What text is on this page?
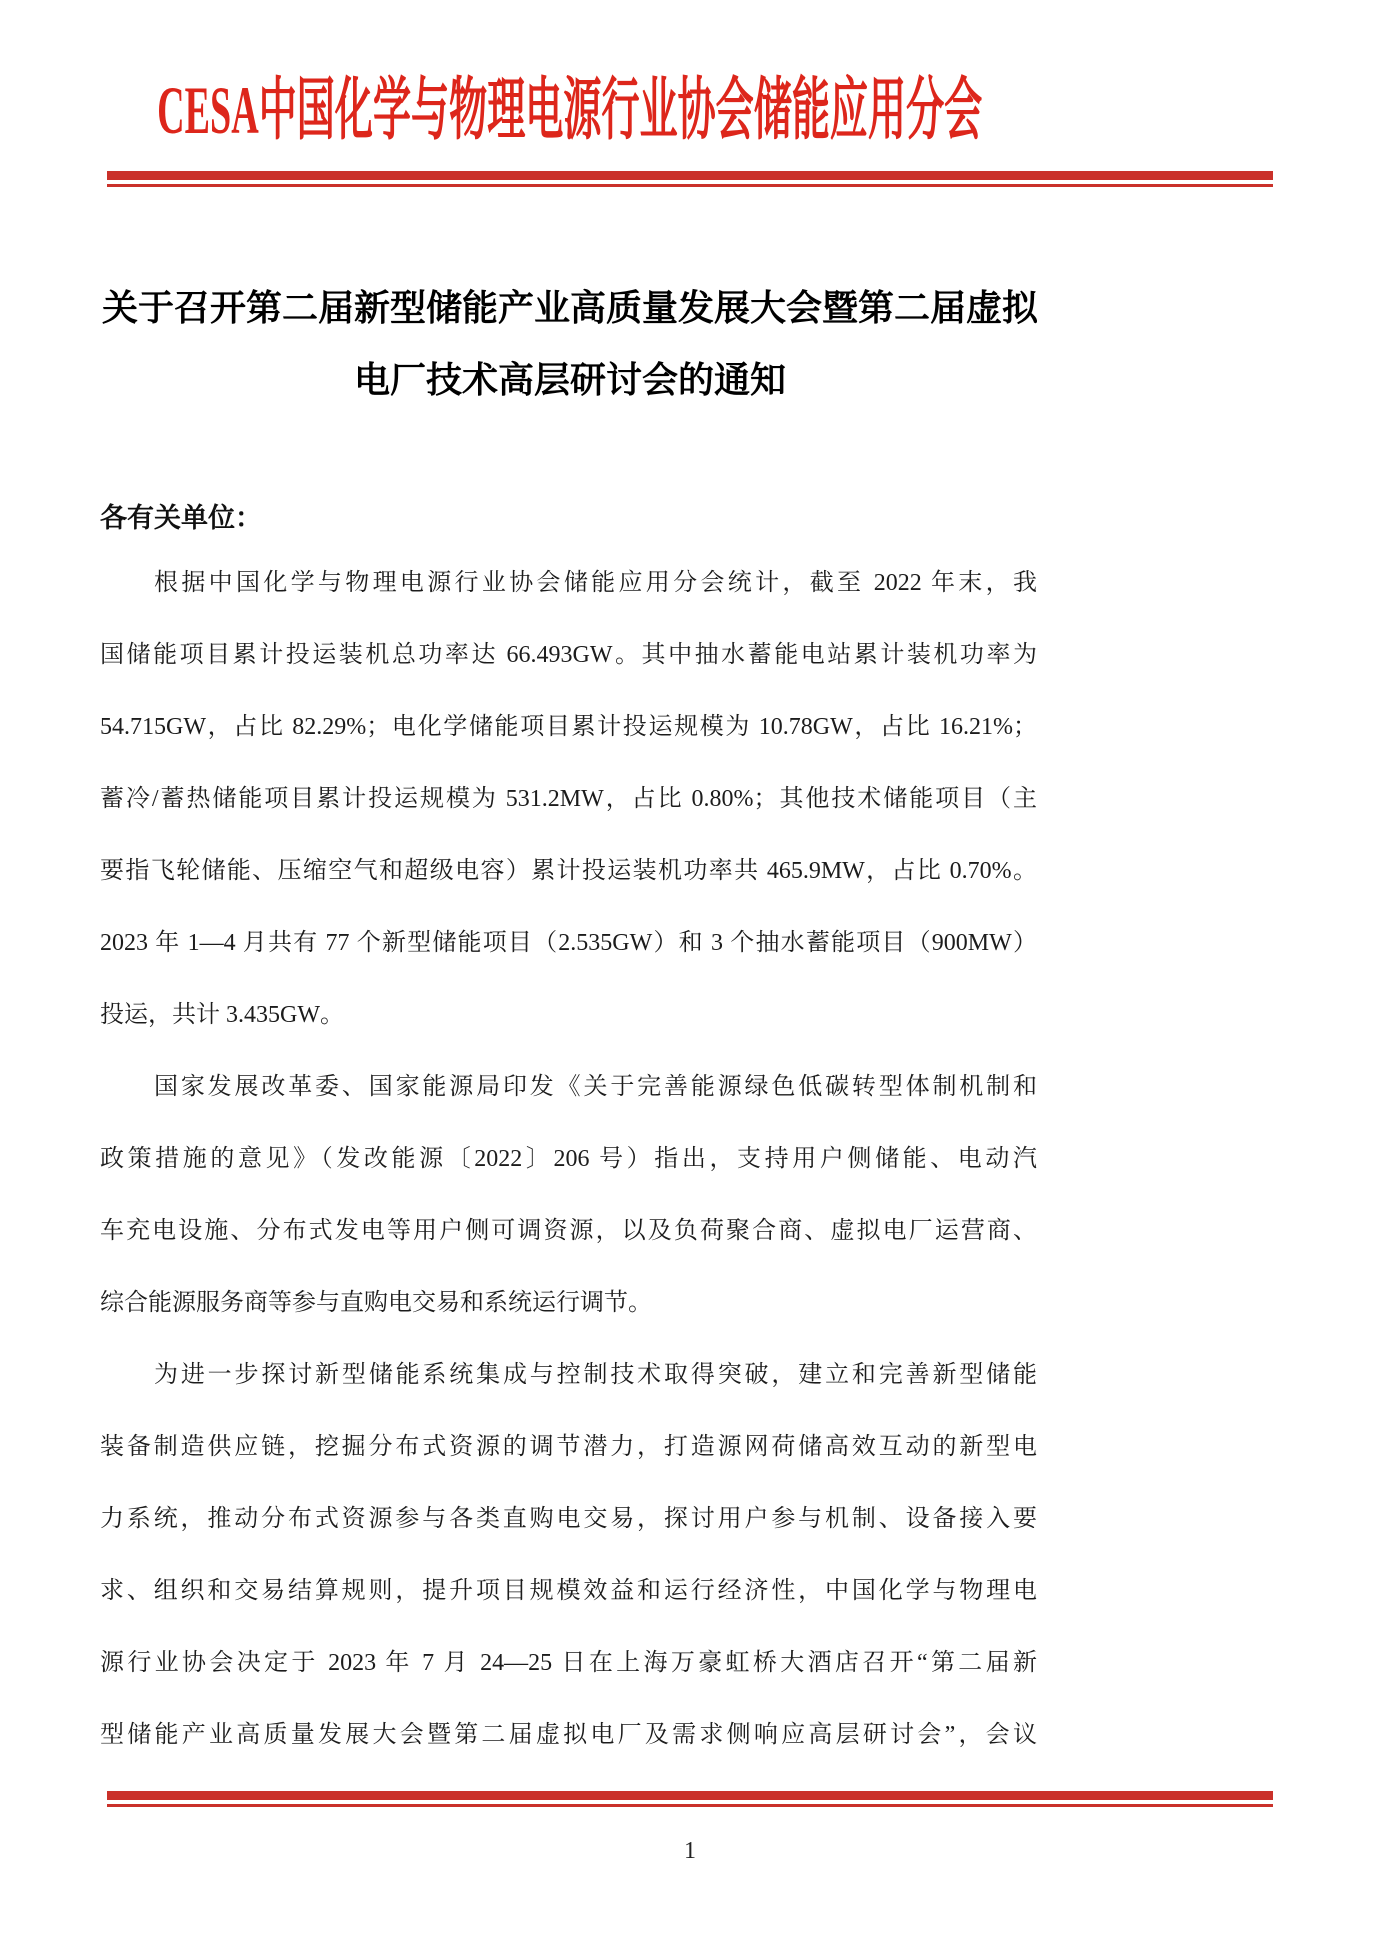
CESA中国化学与物理电源行业协会储能应用分会
关于召开第二届新型储能产业高质量发展大会暨第二届虚拟
电厂技术高层研讨会的通知
各有关单位：
根据中国化学与物理电源行业协会储能应用分会统计，截至 2022 年末，我
国储能项目累计投运装机总功率达 66.493GW。其中抽水蓄能电站累计装机功率为
54.715GW，占比 82.29%；电化学储能项目累计投运规模为 10.78GW，占比 16.21%；
蓄冷/蓄热储能项目累计投运规模为 531.2MW，占比 0.80%；其他技术储能项目（主
要指飞轮储能、压缩空气和超级电容）累计投运装机功率共 465.9MW，占比 0.70%。
2023 年 1—4 月共有 77 个新型储能项目（2.535GW）和 3 个抽水蓄能项目（900MW）
投运，共计 3.435GW。
国家发展改革委、国家能源局印发《关于完善能源绿色低碳转型体制机制和
政策措施的意见》（发改能源〔2022〕206 号）指出，支持用户侧储能、电动汽
车充电设施、分布式发电等用户侧可调资源，以及负荷聚合商、虚拟电厂运营商、
综合能源服务商等参与直购电交易和系统运行调节。
为进一步探讨新型储能系统集成与控制技术取得突破，建立和完善新型储能
装备制造供应链，挖掘分布式资源的调节潜力，打造源网荷储高效互动的新型电
力系统，推动分布式资源参与各类直购电交易，探讨用户参与机制、设备接入要
求、组织和交易结算规则，提升项目规模效益和运行经济性，中国化学与物理电
源行业协会决定于 2023 年 7 月 24—25 日在上海万豪虹桥大酒店召开“第二届新
型储能产业高质量发展大会暨第二届虚拟电厂及需求侧响应高层研讨会”，会议
1
